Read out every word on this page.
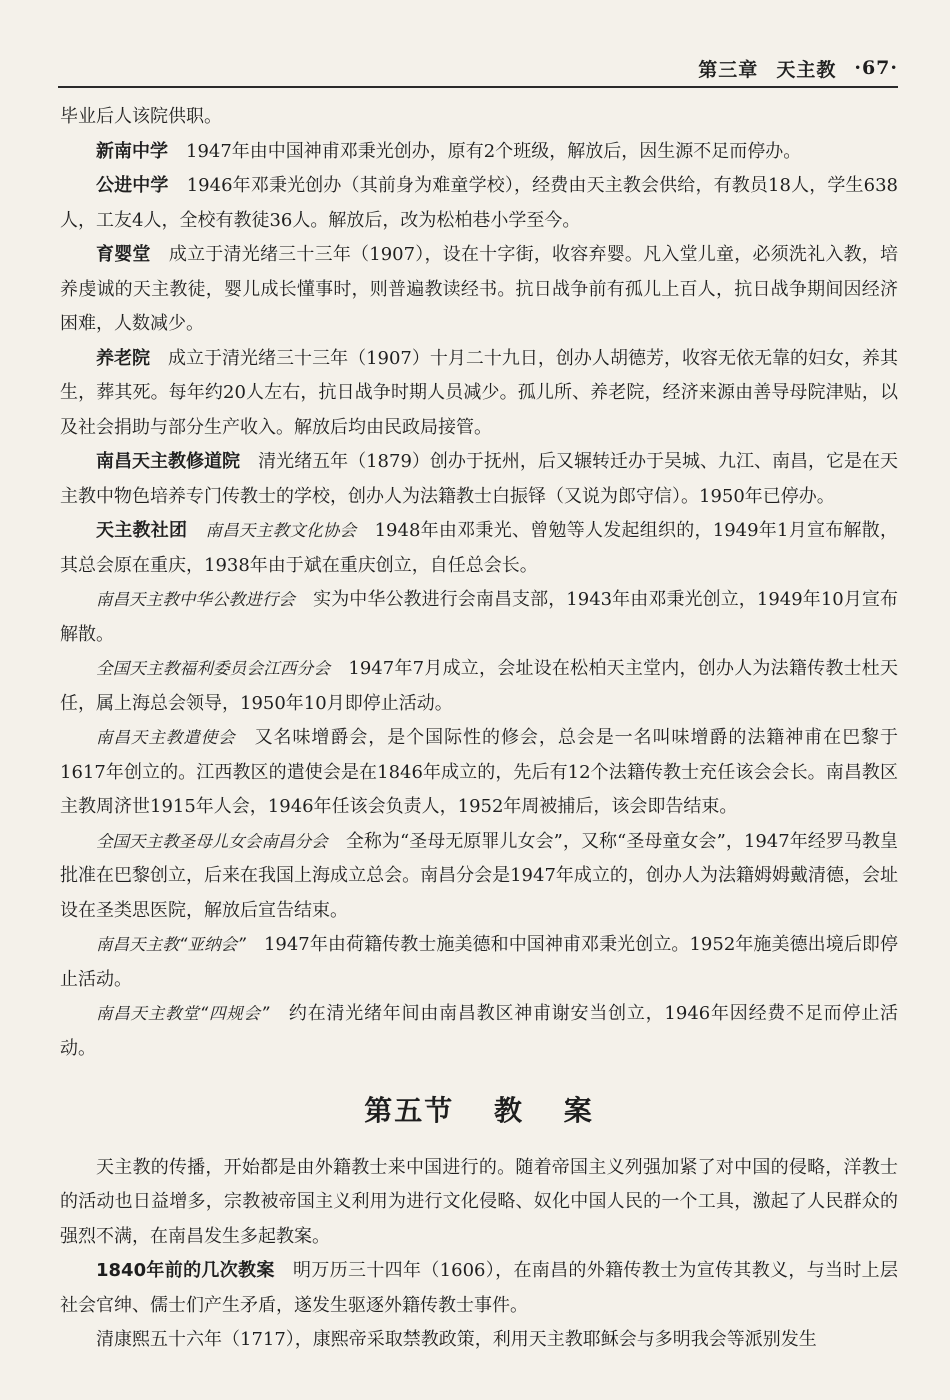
第三章 天主教 ·67·

毕业后人该院供职。

新南中学　 1947年由中国神甫邓秉光创办，原有2个班级，解放后，因生源不足而停办。

公进中学　 1946年邓秉光创办（其前身为难童学校），经费由天主教会供给，有教员18人，学生638人，工友4人，全校有教徒36人。解放后，改为松柏巷小学至今。

育婴堂　 成立于清光绪三十三年（1907），设在十字街，收容弃婴。凡入堂儿童，必须洗礼入教，培养虔诚的天主教徒，婴儿成长懂事时，则普遍教读经书。抗日战争前有孤儿上百人，抗日战争期间因经济困难，人数减少。

养老院　 成立于清光绪三十三年（1907）十月二十九日，创办人胡德芳，收容无依无靠的妇女，养其生，葬其死。每年约20人左右，抗日战争时期人员减少。孤儿所、养老院，经济来源由善导母院津贴，以及社会捐助与部分生产收入。解放后均由民政局接管。

南昌天主教修道院　 清光绪五年（1879）创办于抚州，后又辗转迁办于吴城、九江、南昌，它是在天主教中物色培养专门传教士的学校，创办人为法籍教士白振铎（又说为郎守信）。1950年已停办。

天主教社团　 南昌天主教文化协会　 1948年由邓秉光、曾勉等人发起组织的，1949年1月宣布解散，其总会原在重庆，1938年由于斌在重庆创立，自任总会长。

南昌天主教中华公教进行会　 实为中华公教进行会南昌支部，1943年由邓秉光创立，1949年10月宣布解散。

全国天主教福利委员会江西分会　 1947年7月成立，会址设在松柏天主堂内，创办人为法籍传教士杜天任，属上海总会领导，1950年10月即停止活动。

南昌天主教遣使会　 又名味增爵会，是个国际性的修会，总会是一名叫味增爵的法籍神甫在巴黎于1617年创立的。江西教区的遣使会是在1846年成立的，先后有12个法籍传教士充任该会会长。南昌教区主教周济世1915年人会，1946年任该会负责人，1952年周被捕后，该会即告结束。

全国天主教圣母儿女会南昌分会　 全称为“圣母无原罪儿女会”，又称“圣母童女会”，1947年经罗马教皇批准在巴黎创立，后来在我国上海成立总会。南昌分会是1947年成立的，创办人为法籍姆姆戴清德，会址设在圣类思医院，解放后宣告结束。

南昌天主教“亚纳会”　 1947年由荷籍传教士施美德和中国神甫邓秉光创立。1952年施美德出境后即停止活动。

南昌天主教堂“四规会”　 约在清光绪年间由南昌教区神甫谢安当创立，1946年因经费不足而停止活动。

第五节 教 案

天主教的传播，开始都是由外籍教士来中国进行的。随着帝国主义列强加紧了对中国的侵略，洋教士的活动也日益增多，宗教被帝国主义利用为进行文化侵略、奴化中国人民的一个工具，激起了人民群众的强烈不满，在南昌发生多起教案。

1840年前的几次教案　 明万历三十四年（1606），在南昌的外籍传教士为宣传其教义，与当时上层社会官绅、儒士们产生矛盾，遂发生驱逐外籍传教士事件。

清康熙五十六年（1717），康熙帝采取禁教政策，利用天主教耶稣会与多明我会等派别发生
